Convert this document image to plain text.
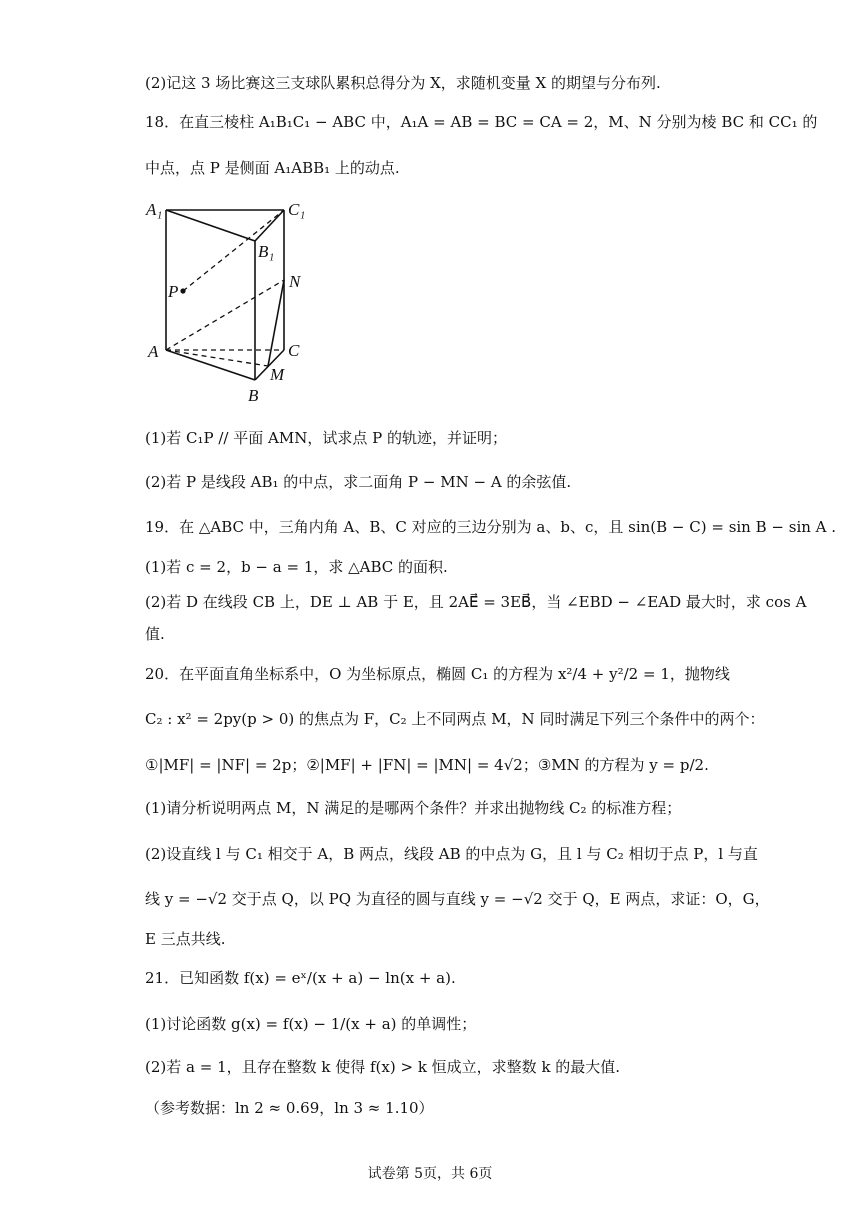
(2)记这 3 场比赛这三支球队累积总得分为 X，求随机变量 X 的期望与分布列.
18．在直三棱柱 A₁B₁C₁ − ABC 中，A₁A = AB = BC = CA = 2，M、N 分别为棱 BC 和 CC₁ 的
中点，点 P 是侧面 A₁ABB₁ 上的动点.
A₁	C₁
B₁
N
P
A	C
M
B
(1)若 C₁P // 平面 AMN，试求点 P 的轨迹，并证明；
(2)若 P 是线段 AB₁ 的中点，求二面角 P − MN − A 的余弦值.
19．在 △ABC 中，三角内角 A、B、C 对应的三边分别为 a、b、c，且 sin(B − C) = sin B − sin A .
(1)若 c = 2，b − a = 1，求 △ABC 的面积.
(2)若 D 在线段 CB 上，DE ⊥ AB 于 E，且 2AE⃗ = 3EB⃗，当 ∠EBD − ∠EAD 最大时，求 cos A
值.
20．在平面直角坐标系中，O 为坐标原点，椭圆 C₁ 的方程为 x²/4 + y²/2 = 1，抛物线
C₂ : x² = 2py(p > 0) 的焦点为 F，C₂ 上不同两点 M，N 同时满足下列三个条件中的两个：
①|MF| = |NF| = 2p；②|MF| + |FN| = |MN| = 4√2；③MN 的方程为 y = p/2.
(1)请分析说明两点 M，N 满足的是哪两个条件？并求出抛物线 C₂ 的标准方程；
(2)设直线 l 与 C₁ 相交于 A，B 两点，线段 AB 的中点为 G，且 l 与 C₂ 相切于点 P，l 与直
线 y = −√2 交于点 Q，以 PQ 为直径的圆与直线 y = −√2 交于 Q，E 两点，求证：O，G，
E 三点共线.
21．已知函数 f(x) = eˣ/(x + a) − ln(x + a).
(1)讨论函数 g(x) = f(x) − 1/(x + a) 的单调性；
(2)若 a = 1，且存在整数 k 使得 f(x) > k 恒成立，求整数 k 的最大值.
（参考数据：ln 2 ≈ 0.69，ln 3 ≈ 1.10）
试卷第 5页，共 6页
